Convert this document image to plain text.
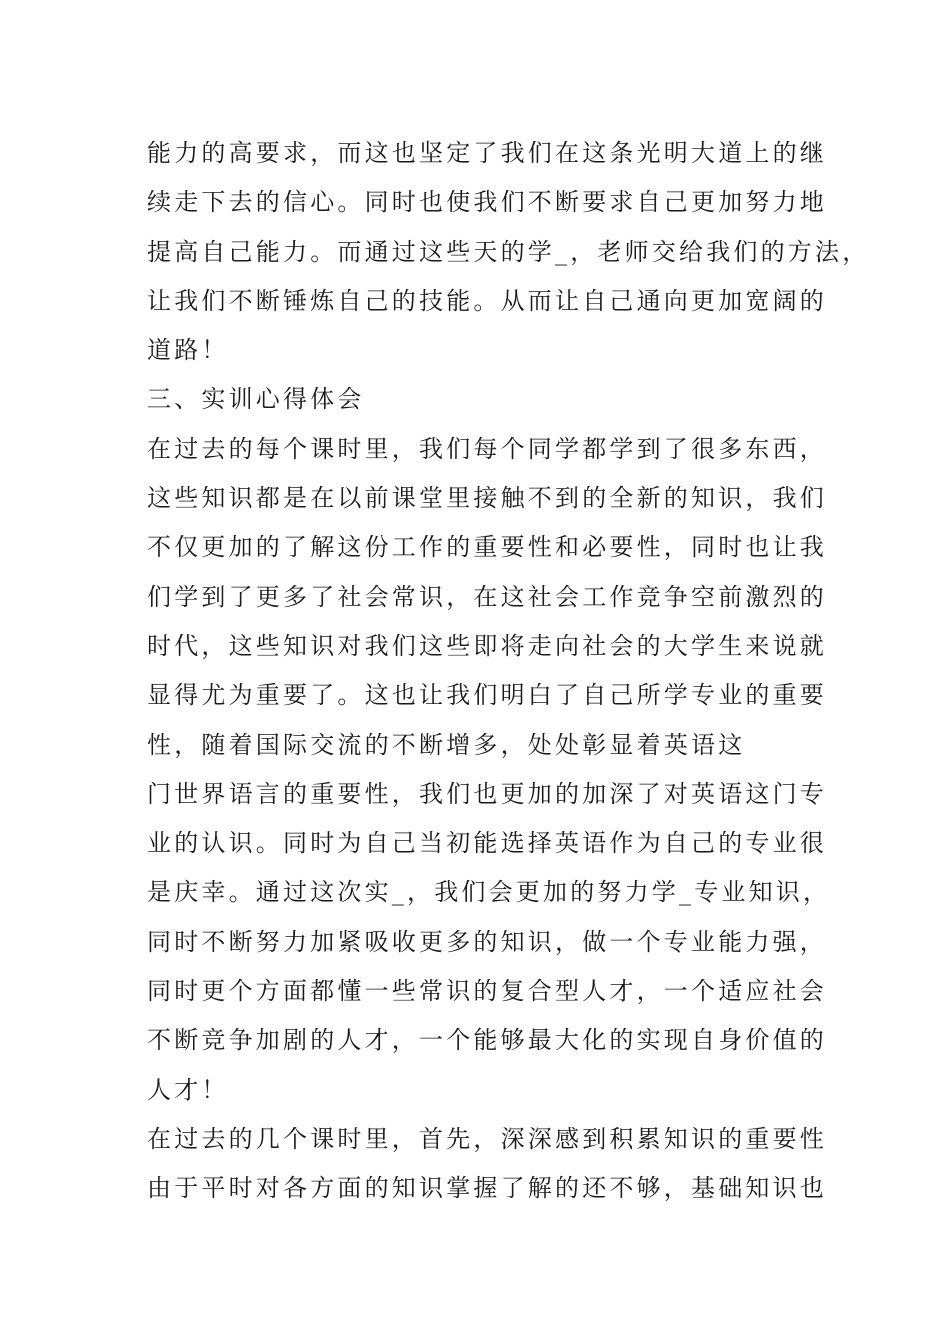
能力的高要求，而这也坚定了我们在这条光明大道上的继
续走下去的信心。同时也使我们不断要求自己更加努力地
提高自己能力。而通过这些天的学_，老师交给我们的方法，
让我们不断锤炼自己的技能。从而让自己通向更加宽阔的
道路！
三、实训心得体会
在过去的每个课时里，我们每个同学都学到了很多东西，
这些知识都是在以前课堂里接触不到的全新的知识，我们
不仅更加的了解这份工作的重要性和必要性，同时也让我
们学到了更多了社会常识，在这社会工作竞争空前激烈的
时代，这些知识对我们这些即将走向社会的大学生来说就
显得尤为重要了。这也让我们明白了自己所学专业的重要
性，随着国际交流的不断增多，处处彰显着英语这
门世界语言的重要性，我们也更加的加深了对英语这门专
业的认识。同时为自己当初能选择英语作为自己的专业很
是庆幸。通过这次实_，我们会更加的努力学_专业知识，
同时不断努力加紧吸收更多的知识，做一个专业能力强，
同时更个方面都懂一些常识的复合型人才，一个适应社会
不断竞争加剧的人才，一个能够最大化的实现自身价值的
人才！
在过去的几个课时里，首先，深深感到积累知识的重要性
由于平时对各方面的知识掌握了解的还不够，基础知识也
